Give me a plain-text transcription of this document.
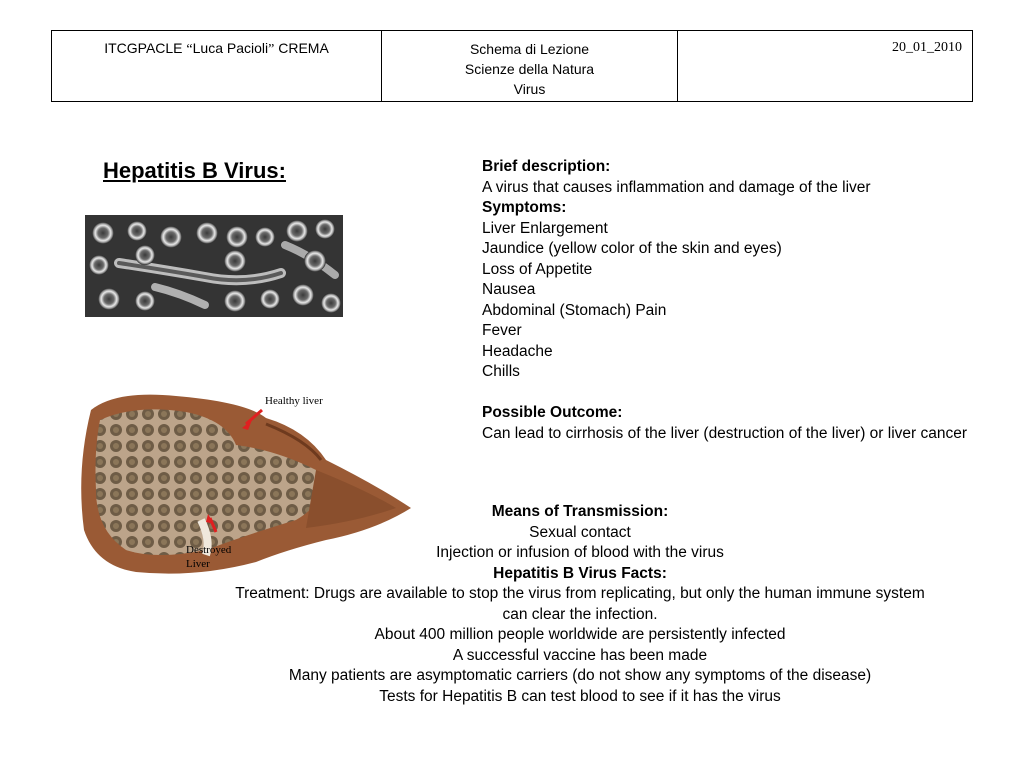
ITCGPACLE “Luca Pacioli” CREMA	Schema di Lezione
Scienze della Natura
Virus
	20_01_2010
Hepatitis B Virus:
Healthy liver
Destroyed
Liver
Brief description:
A virus that causes inflammation and damage of the liver
Symptoms:
Liver Enlargement
Jaundice (yellow color of the skin and eyes)
Loss of Appetite
Nausea
Abdominal (Stomach) Pain
Fever
Headache
Chills
Possible Outcome:
Can lead to cirrhosis of the liver (destruction of the liver) or liver cancer
Means of Transmission:
Sexual contact
Injection or infusion of blood with the virus
Hepatitis B Virus Facts:
Treatment: Drugs are available to stop the virus from replicating, but only the human immune system
can clear the infection.
About 400 million people worldwide are persistently infected
A successful vaccine has been made
Many patients are asymptomatic carriers (do not show any symptoms of the disease)
Tests for Hepatitis B can test blood to see if it has the virus
